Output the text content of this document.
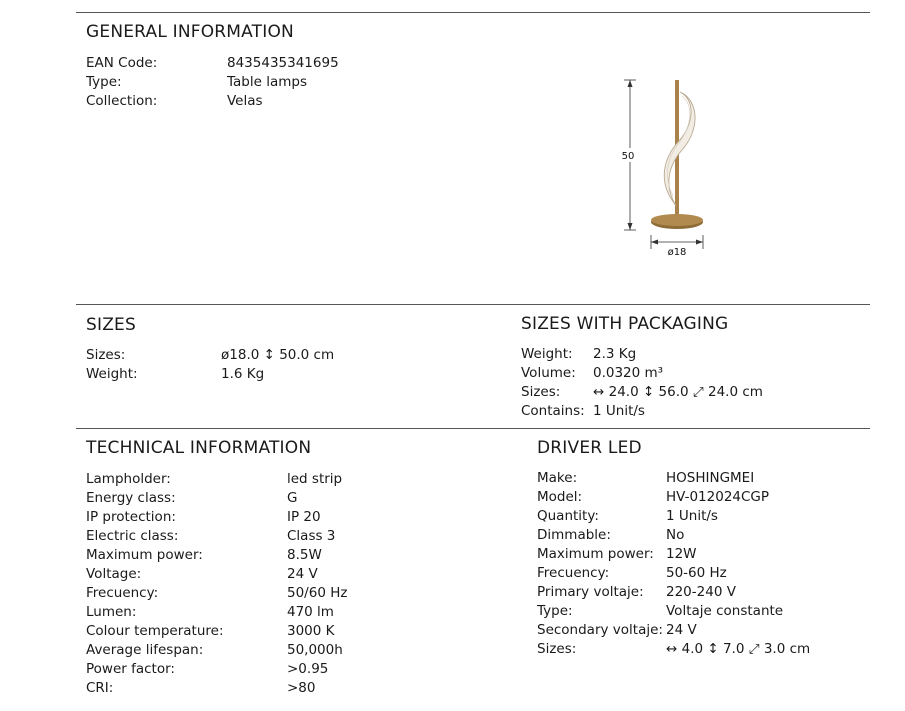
GENERAL INFORMATION
EAN Code:	8435435341695
Type:	Table lamps
Collection:	Velas
50
ø18
SIZES
Sizes:	ø18.0 ↕ 50.0 cm
Weight:	1.6 Kg
SIZES WITH PACKAGING
Weight:	2.3 Kg
Volume:	0.0320 m³
Sizes:	↔ 24.0 ↕ 56.0 ⤢ 24.0 cm
Contains: 1 Unit/s
TECHNICAL INFORMATION
Lampholder:	led strip
Energy class:	G
IP protection:	IP 20
Electric class:	Class 3
Maximum power:	8.5W
Voltage:	24 V
Frecuency:	50/60 Hz
Lumen:	470 lm
Colour temperature:	3000 K
Average lifespan:	50,000h
Power factor:	>0.95
CRI:	>80
DRIVER LED
Make:	HOSHINGMEI
Model:	HV-012024CGP
Quantity:	1 Unit/s
Dimmable:	No
Maximum power: 12W
Frecuency:	50-60 Hz
Primary voltaje:	220-240 V
Type:	Voltaje constante
Secondary voltaje: 24 V
Sizes:	↔ 4.0 ↕ 7.0 ⤢ 3.0 cm
